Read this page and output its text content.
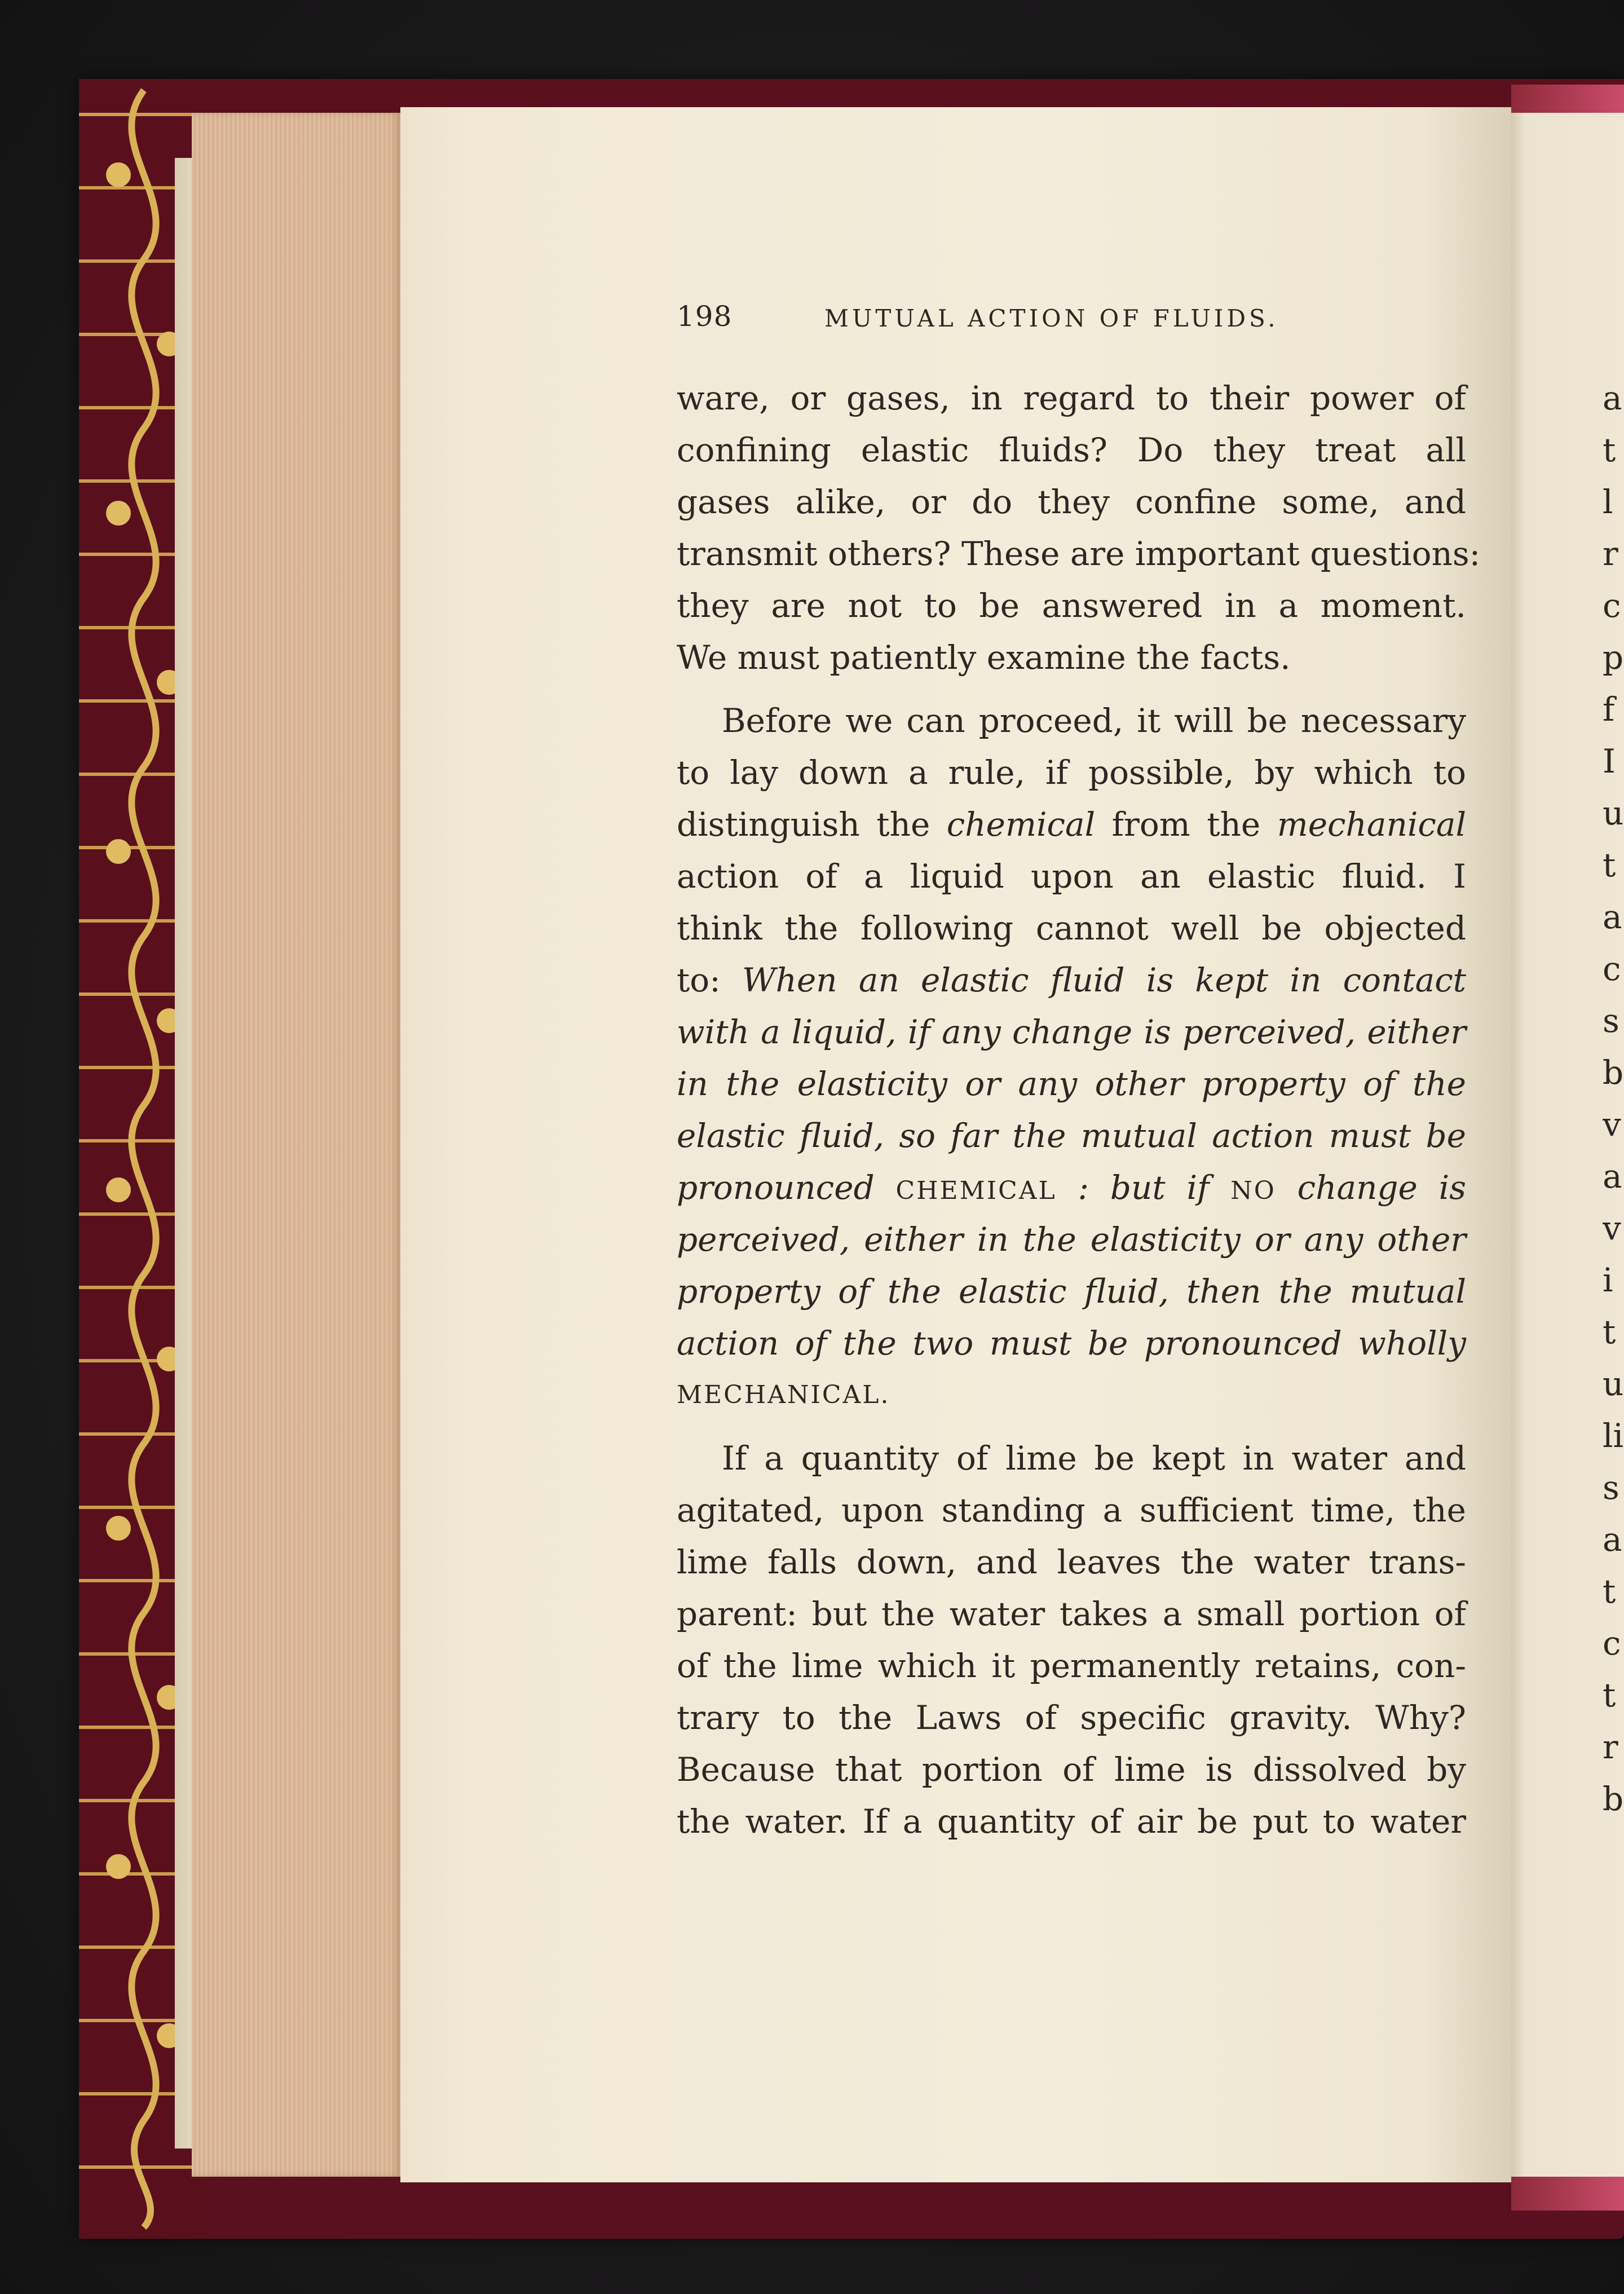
198	MUTUAL ACTION OF FLUIDS.
ware, or gases, in regard to their power of
confining elastic fluids? Do they treat all
gases alike, or do they confine some, and
transmit others? These are important questions:
they are not to be answered in a moment.
We must patiently examine the facts.
Before we can proceed, it will be necessary
to lay down a rule, if possible, by which to
distinguish the chemical from the mechanical
action of a liquid upon an elastic fluid. I
think the following cannot well be objected
to: When an elastic fluid is kept in contact
with a liquid, if any change is perceived, either
in the elasticity or any other property of the
elastic fluid, so far the mutual action must be
pronounced CHEMICAL : but if NO change is
perceived, either in the elasticity or any other
property of the elastic fluid, then the mutual
action of the two must be pronounced wholly
MECHANICAL.
If a quantity of lime be kept in water and
agitated, upon standing a sufficient time, the
lime falls down, and leaves the water trans-
parent: but the water takes a small portion of
of the lime which it permanently retains, con-
trary to the Laws of specific gravity. Why?
Because that portion of lime is dissolved by
the water. If a quantity of air be put to water
a
t
l
r
c
p
f
I
u
t
a
c
s
b
v
a
v
i
t
u
li
s
a
t
c
t
r
b
